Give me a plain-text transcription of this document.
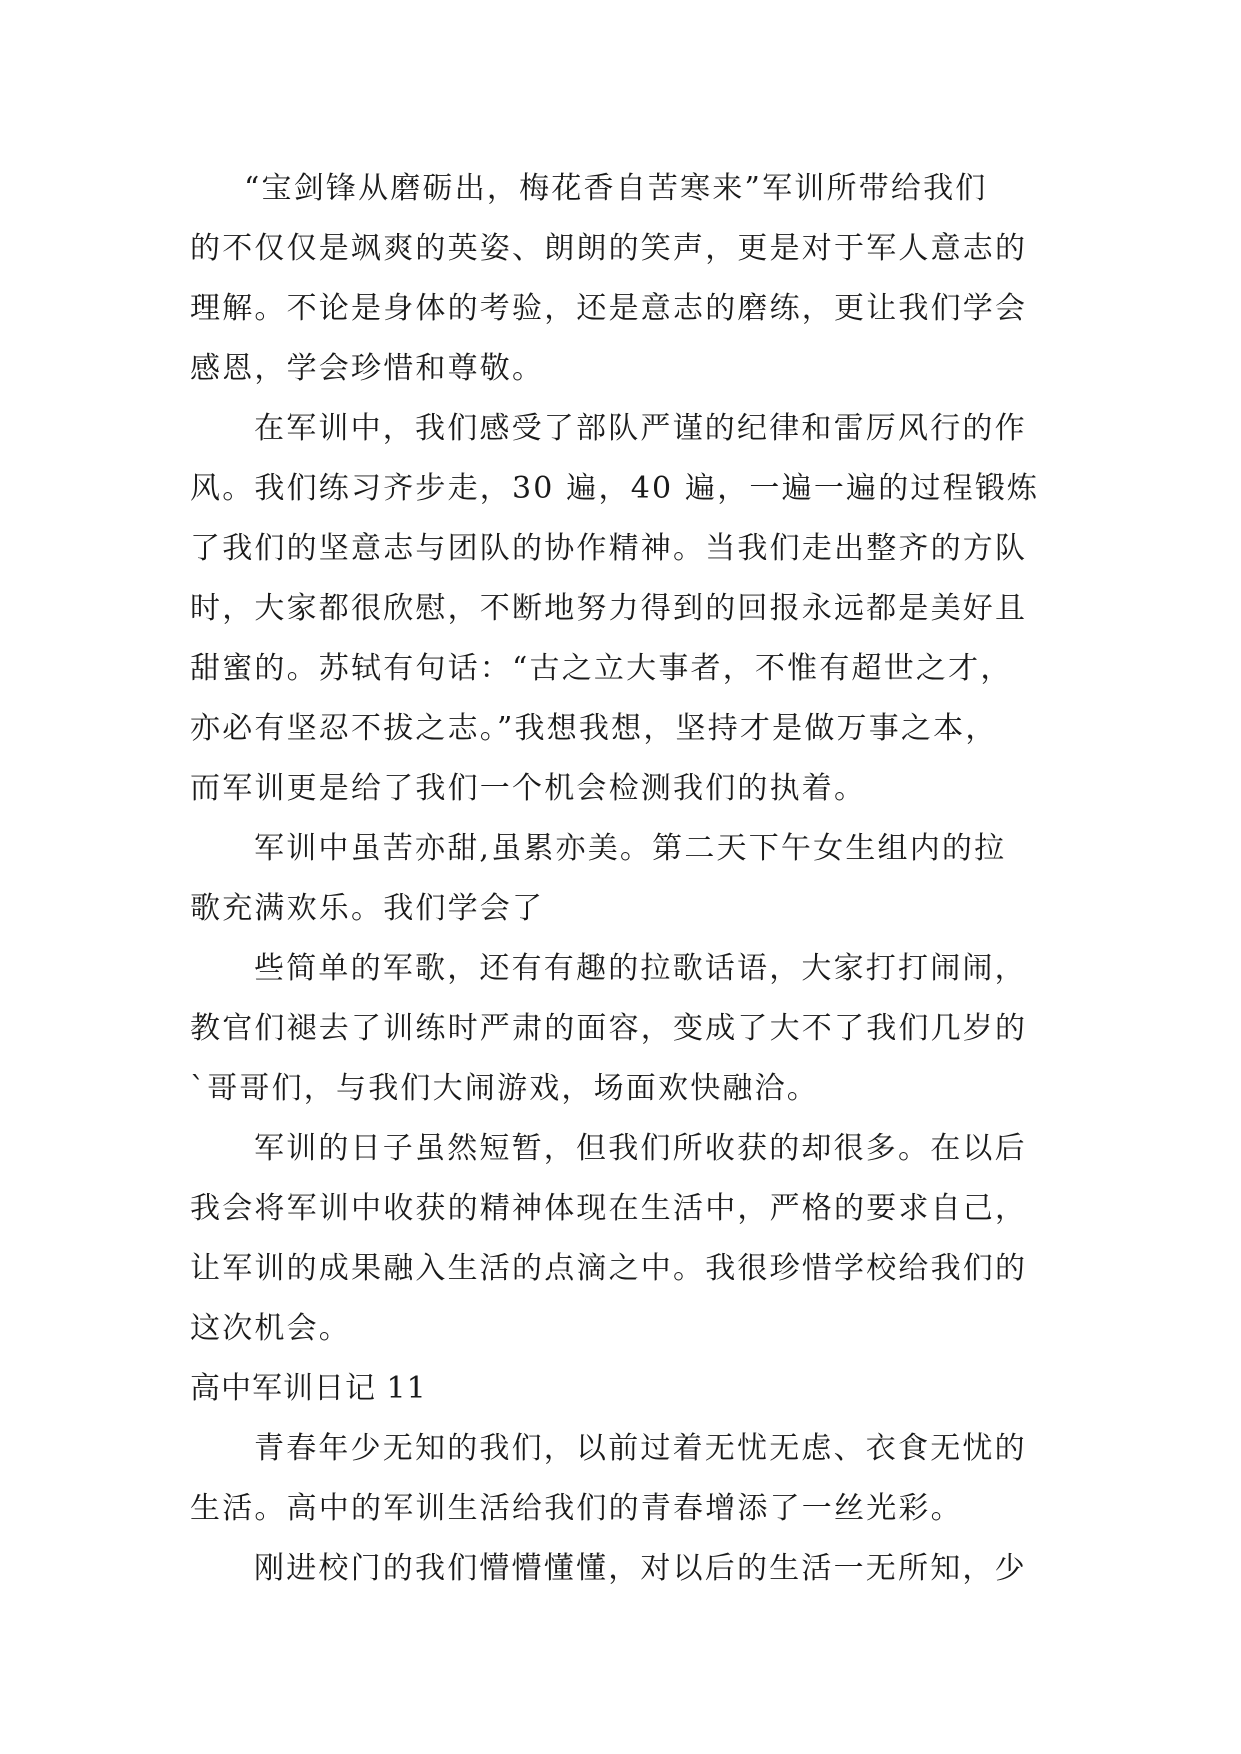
“宝剑锋从磨砺出，梅花香自苦寒来”军训所带给我们
的不仅仅是飒爽的英姿、朗朗的笑声，更是对于军人意志的
理解。不论是身体的考验，还是意志的磨练，更让我们学会
感恩，学会珍惜和尊敬。
在军训中，我们感受了部队严谨的纪律和雷厉风行的作
风。我们练习齐步走，30 遍，40 遍，一遍一遍的过程锻炼
了我们的坚意志与团队的协作精神。当我们走出整齐的方队
时，大家都很欣慰，不断地努力得到的回报永远都是美好且
甜蜜的。苏轼有句话：“古之立大事者，不惟有超世之才，
亦必有坚忍不拔之志。”我想我想，坚持才是做万事之本，
而军训更是给了我们一个机会检测我们的执着。
军训中虽苦亦甜,虽累亦美。第二天下午女生组内的拉
歌充满欢乐。我们学会了
些简单的军歌，还有有趣的拉歌话语，大家打打闹闹，
教官们褪去了训练时严肃的面容，变成了大不了我们几岁的
`哥哥们，与我们大闹游戏，场面欢快融洽。
军训的日子虽然短暂，但我们所收获的却很多。在以后
我会将军训中收获的精神体现在生活中，严格的要求自己，
让军训的成果融入生活的点滴之中。我很珍惜学校给我们的
这次机会。
高中军训日记 11
青春年少无知的我们，以前过着无忧无虑、衣食无忧的
生活。高中的军训生活给我们的青春增添了一丝光彩。
刚进校门的我们懵懵懂懂，对以后的生活一无所知，少
